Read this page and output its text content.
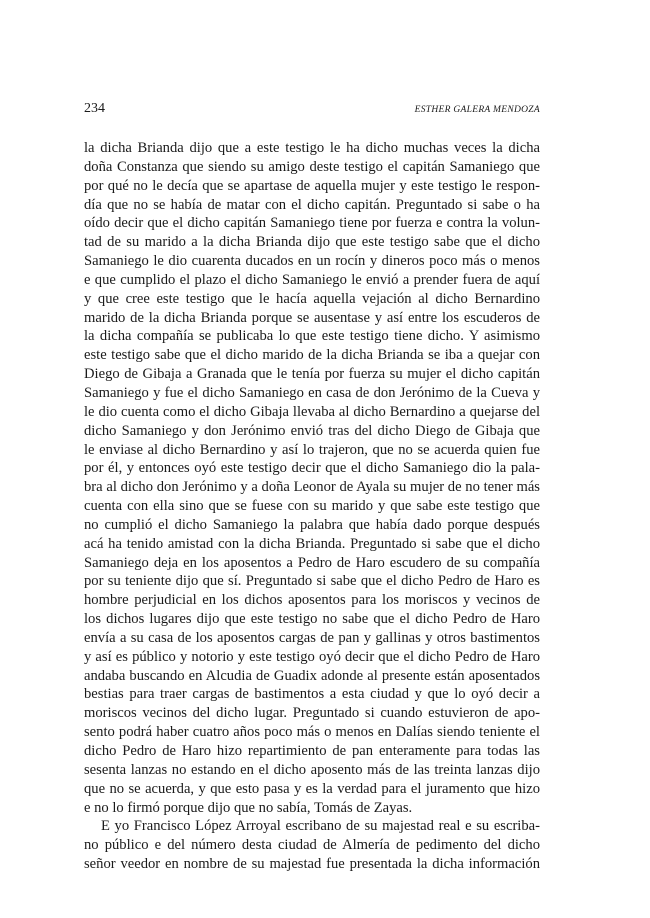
234	ESTHER GALERA MENDOZA
la dicha Brianda dijo que a este testigo le ha dicho muchas veces la dicha
doña Constanza que siendo su amigo deste testigo el capitán Samaniego que
por qué no le decía que se apartase de aquella mujer y este testigo le respon-
día que no se había de matar con el dicho capitán. Preguntado si sabe o ha
oído decir que el dicho capitán Samaniego tiene por fuerza e contra la volun-
tad de su marido a la dicha Brianda dijo que este testigo sabe que el dicho
Samaniego le dio cuarenta ducados en un rocín y dineros poco más o menos
e que cumplido el plazo el dicho Samaniego le envió a prender fuera de aquí
y que cree este testigo que le hacía aquella vejación al dicho Bernardino
marido de la dicha Brianda porque se ausentase y así entre los escuderos de
la dicha compañía se publicaba lo que este testigo tiene dicho. Y asimismo
este testigo sabe que el dicho marido de la dicha Brianda se iba a quejar con
Diego de Gibaja a Granada que le tenía por fuerza su mujer el dicho capitán
Samaniego y fue el dicho Samaniego en casa de don Jerónimo de la Cueva y
le dio cuenta como el dicho Gibaja llevaba al dicho Bernardino a quejarse del
dicho Samaniego y don Jerónimo envió tras del dicho Diego de Gibaja que
le enviase al dicho Bernardino y así lo trajeron, que no se acuerda quien fue
por él, y entonces oyó este testigo decir que el dicho Samaniego dio la pala-
bra al dicho don Jerónimo y a doña Leonor de Ayala su mujer de no tener más
cuenta con ella sino que se fuese con su marido y que sabe este testigo que
no cumplió el dicho Samaniego la palabra que había dado porque después
acá ha tenido amistad con la dicha Brianda. Preguntado si sabe que el dicho
Samaniego deja en los aposentos a Pedro de Haro escudero de su compañía
por su teniente dijo que sí. Preguntado si sabe que el dicho Pedro de Haro es
hombre perjudicial en los dichos aposentos para los moriscos y vecinos de
los dichos lugares dijo que este testigo no sabe que el dicho Pedro de Haro
envía a su casa de los aposentos cargas de pan y gallinas y otros bastimentos
y así es público y notorio y este testigo oyó decir que el dicho Pedro de Haro
andaba buscando en Alcudia de Guadix adonde al presente están aposentados
bestias para traer cargas de bastimentos a esta ciudad y que lo oyó decir a
moriscos vecinos del dicho lugar. Preguntado si cuando estuvieron de apo-
sento podrá haber cuatro años poco más o menos en Dalías siendo teniente el
dicho Pedro de Haro hizo repartimiento de pan enteramente para todas las
sesenta lanzas no estando en el dicho aposento más de las treinta lanzas dijo
que no se acuerda, y que esto pasa y es la verdad para el juramento que hizo
e no lo firmó porque dijo que no sabía, Tomás de Zayas.
E yo Francisco López Arroyal escribano de su majestad real e su escriba-
no público e del número desta ciudad de Almería de pedimento del dicho
señor veedor en nombre de su majestad fue presentada la dicha información
